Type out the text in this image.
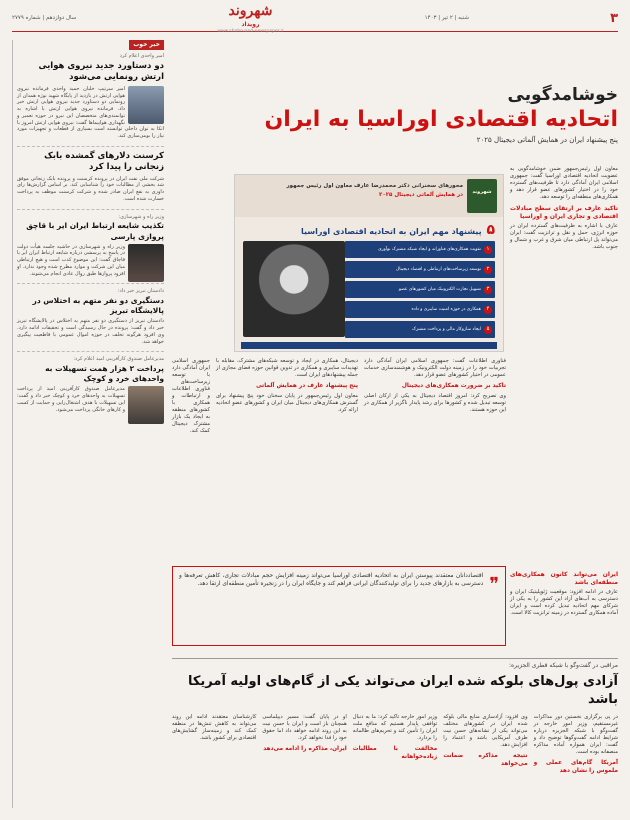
۳
شنبه | ۲ تیر | ۱۴۰۳
شهروند
رویداد
www.shahrvand-newspaper.ir
سال دوازدهم | شماره ۲۷۷۹
خبر خوب
امیر واحدی اعلام کرد
دو دستاورد جدید نیروی هوایی ارتش رونمایی می‌شود
امیر سرتیپ خلبان حمید واحدی فرمانده نیروی هوایی ارتش در بازدید از پایگاه شهید نوژه همدان از رونمایی دو دستاورد جدید نیروی هوایی ارتش خبر داد. فرمانده نیروی هوایی ارتش با اشاره به توانمندی‌های متخصصان این نیرو در حوزه تعمیر و نگهداری هواپیماها گفت: نیروی هوایی ارتش امروز با اتکا به توان داخلی توانسته است بسیاری از قطعات و تجهیزات مورد نیاز را بومی‌سازی کند.
کرسنت دلارهای گمشده بابک زنجانی را پیدا کرد
شرکت ملی نفت ایران در پرونده کرسنت و پرونده بابک زنجانی موفق شد بخشی از مطالبات خود را شناسایی کند. بر اساس گزارش‌ها رای داوری به نفع ایران صادر شده و شرکت کرسنت موظف به پرداخت خسارت شده است.
وزیر راه و شهرسازی:
تکذیب شایعه ارتباط ایران ایر با قاچق پروازی پارسی
وزیر راه و شهرسازی در حاشیه جلسه هیأت دولت در پاسخ به پرسشی درباره شایعه ارتباط ایران ایر با قاچاق گفت: این موضوع کذب است و هیچ ارتباطی میان این شرکت و موارد مطرح شده وجود ندارد. او افزود پروازها طبق روال عادی انجام می‌شوند.
دادستان تبریز خبر داد:
دستگیری دو نفر متهم به اختلاس در پالایشگاه تبریز
دادستان تبریز از دستگیری دو نفر متهم به اختلاس در پالایشگاه تبریز خبر داد و گفت: پرونده در حال رسیدگی است و تحقیقات ادامه دارد. وی افزود هرگونه تخلف در حوزه اموال عمومی با قاطعیت پیگیری خواهد شد.
مدیرعامل صندوق کارآفرینی امید اعلام کرد:
پرداخت ۲ هزار همت تسهیلات به واحدهای خرد و کوچک
مدیرعامل صندوق کارآفرینی امید از پرداخت تسهیلات به واحدهای خرد و کوچک خبر داد و گفت: این تسهیلات با هدف اشتغال‌زایی و حمایت از کسب و کارهای خانگی پرداخت می‌شود.
خوشامدگویی
اتحادیه اقتصادی اوراسیا به ایران
پنج پیشنهاد ایران در همایش آلماتی دیجیتال ۲۰۲۵
معاون اول رئیس‌جمهور ضمن خوشامدگویی به عضویت اتحادیه اقتصادی اوراسیا گفت: جمهوری اسلامی ایران آمادگی دارد تا ظرفیت‌های گسترده خود را در اختیار کشورهای عضو قرار دهد و همکاری‌های منطقه‌ای را توسعه دهد.
تاکید عارف بر ارتقای سطح مبادلات اقتصادی و تجاری ایران و اوراسیا
عارف با اشاره به ظرفیت‌های گسترده ایران در حوزه انرژی، حمل و نقل و ترانزیت گفت: ایران می‌تواند پل ارتباطی میان شرق و غرب و شمال و جنوب باشد.
شهروند
محورهای سخنرانی دکتر محمدرضا عارف معاون اول رئیس جمهور
در همایش آلماتی دیجیتال ۲۰۲۵
۵ پیشنهاد مهم ایران به اتحادیه اقتصادی اوراسیا
۱
تقویت همکاری‌های فناورانه و ایجاد شبکه مشترک نوآوری
۲
توسعه زیرساخت‌های ارتباطی و اقتصاد دیجیتال
۳
تسهیل تجارت الکترونیک میان کشورهای عضو
۴
همکاری در حوزه امنیت سایبری و داده
۵
ایجاد سازوکار مالی و پرداخت مشترک
فناوری اطلاعات گفت: جمهوری اسلامی ایران آمادگی دارد تجربیات خود را در زمینه دولت الکترونیک و هوشمندسازی خدمات عمومی در اختیار کشورهای عضو قرار دهد.
تاکید بر ضرورت همکاری‌های دیجیتال
وی تصریح کرد: امروز اقتصاد دیجیتال به یکی از ارکان اصلی توسعه تبدیل شده و کشورها برای رشد پایدار ناگزیر از همکاری در این حوزه هستند.
دیجیتال، همکاری در ایجاد و توسعه شبکه‌های مشترک، مقابله با تهدیدات سایبری و همکاری در تدوین قوانین حوزه فضای مجازی از جمله پیشنهادهای ایران است.
پنج پیشنهاد عارف در همایش آلماتی
معاون اول رئیس‌جمهور در پایان سخنان خود پنج پیشنهاد برای گسترش همکاری‌های دیجیتال میان ایران و کشورهای عضو اتحادیه ارائه کرد.
جمهوری اسلامی ایران آمادگی دارد با توسعه زیرساخت‌های فناوری اطلاعات و ارتباطات و همکاری با کشورهای منطقه به ایجاد یک بازار مشترک دیجیتال کمک کند.
❞
اقتصاددانان معتقدند پیوستن ایران به اتحادیه اقتصادی اوراسیا می‌تواند زمینه افزایش حجم مبادلات تجاری، کاهش تعرفه‌ها و دسترسی به بازارهای جدید را برای تولیدکنندگان ایرانی فراهم کند و جایگاه ایران را در زنجیره تأمین منطقه‌ای ارتقا دهد.
ایران می‌تواند کانون همکاری‌های منطقه‌ای باشد
عارف در ادامه افزود: موقعیت ژئوپلیتیک ایران و دسترسی به آب‌های آزاد این کشور را به یکی از شرکای مهم اتحادیه تبدیل کرده است و ایران آماده همکاری گسترده در زمینه ترانزیت کالا است.
مراقبی در گفت‌وگو با شبکه قطری الجزیره:
آزادی پول‌های بلوکه شده ایران می‌تواند یکی از گام‌های اولیه آمریکا باشد
در پی برگزاری نخستین دور مذاکرات غیرمستقیم، وزیر امور خارجه در گفت‌وگو با شبکه الجزیره درباره شرایط ادامه گفت‌وگوها توضیح داد و گفت: ایران همواره آماده مذاکره منصفانه بوده است.
آمریکا گام‌های عملی و ملموس را نشان دهد
وی افزود: آزادسازی منابع مالی بلوکه شده ایران در کشورهای مختلف می‌تواند یکی از نشانه‌های حسن نیت طرف آمریکایی باشد و اعتماد را افزایش دهد.
نتیجه مذاکره ضمانت می‌خواهد
وزیر امور خارجه تاکید کرد: ما به دنبال توافقی پایدار هستیم که منافع ملت ایران را تأمین کند و تحریم‌های ظالمانه را بردارد.
مخالفت با مطالبات زیاده‌خواهانه
او در پایان گفت: مسیر دیپلماسی همچنان باز است و ایران با حسن نیت به این روند ادامه خواهد داد اما حقوق خود را فدا نخواهد کرد.
ایران، مذاکره را ادامه می‌دهد
کارشناسان معتقدند ادامه این روند می‌تواند به کاهش تنش‌ها در منطقه کمک کند و زمینه‌ساز گشایش‌های اقتصادی برای کشور باشد.
